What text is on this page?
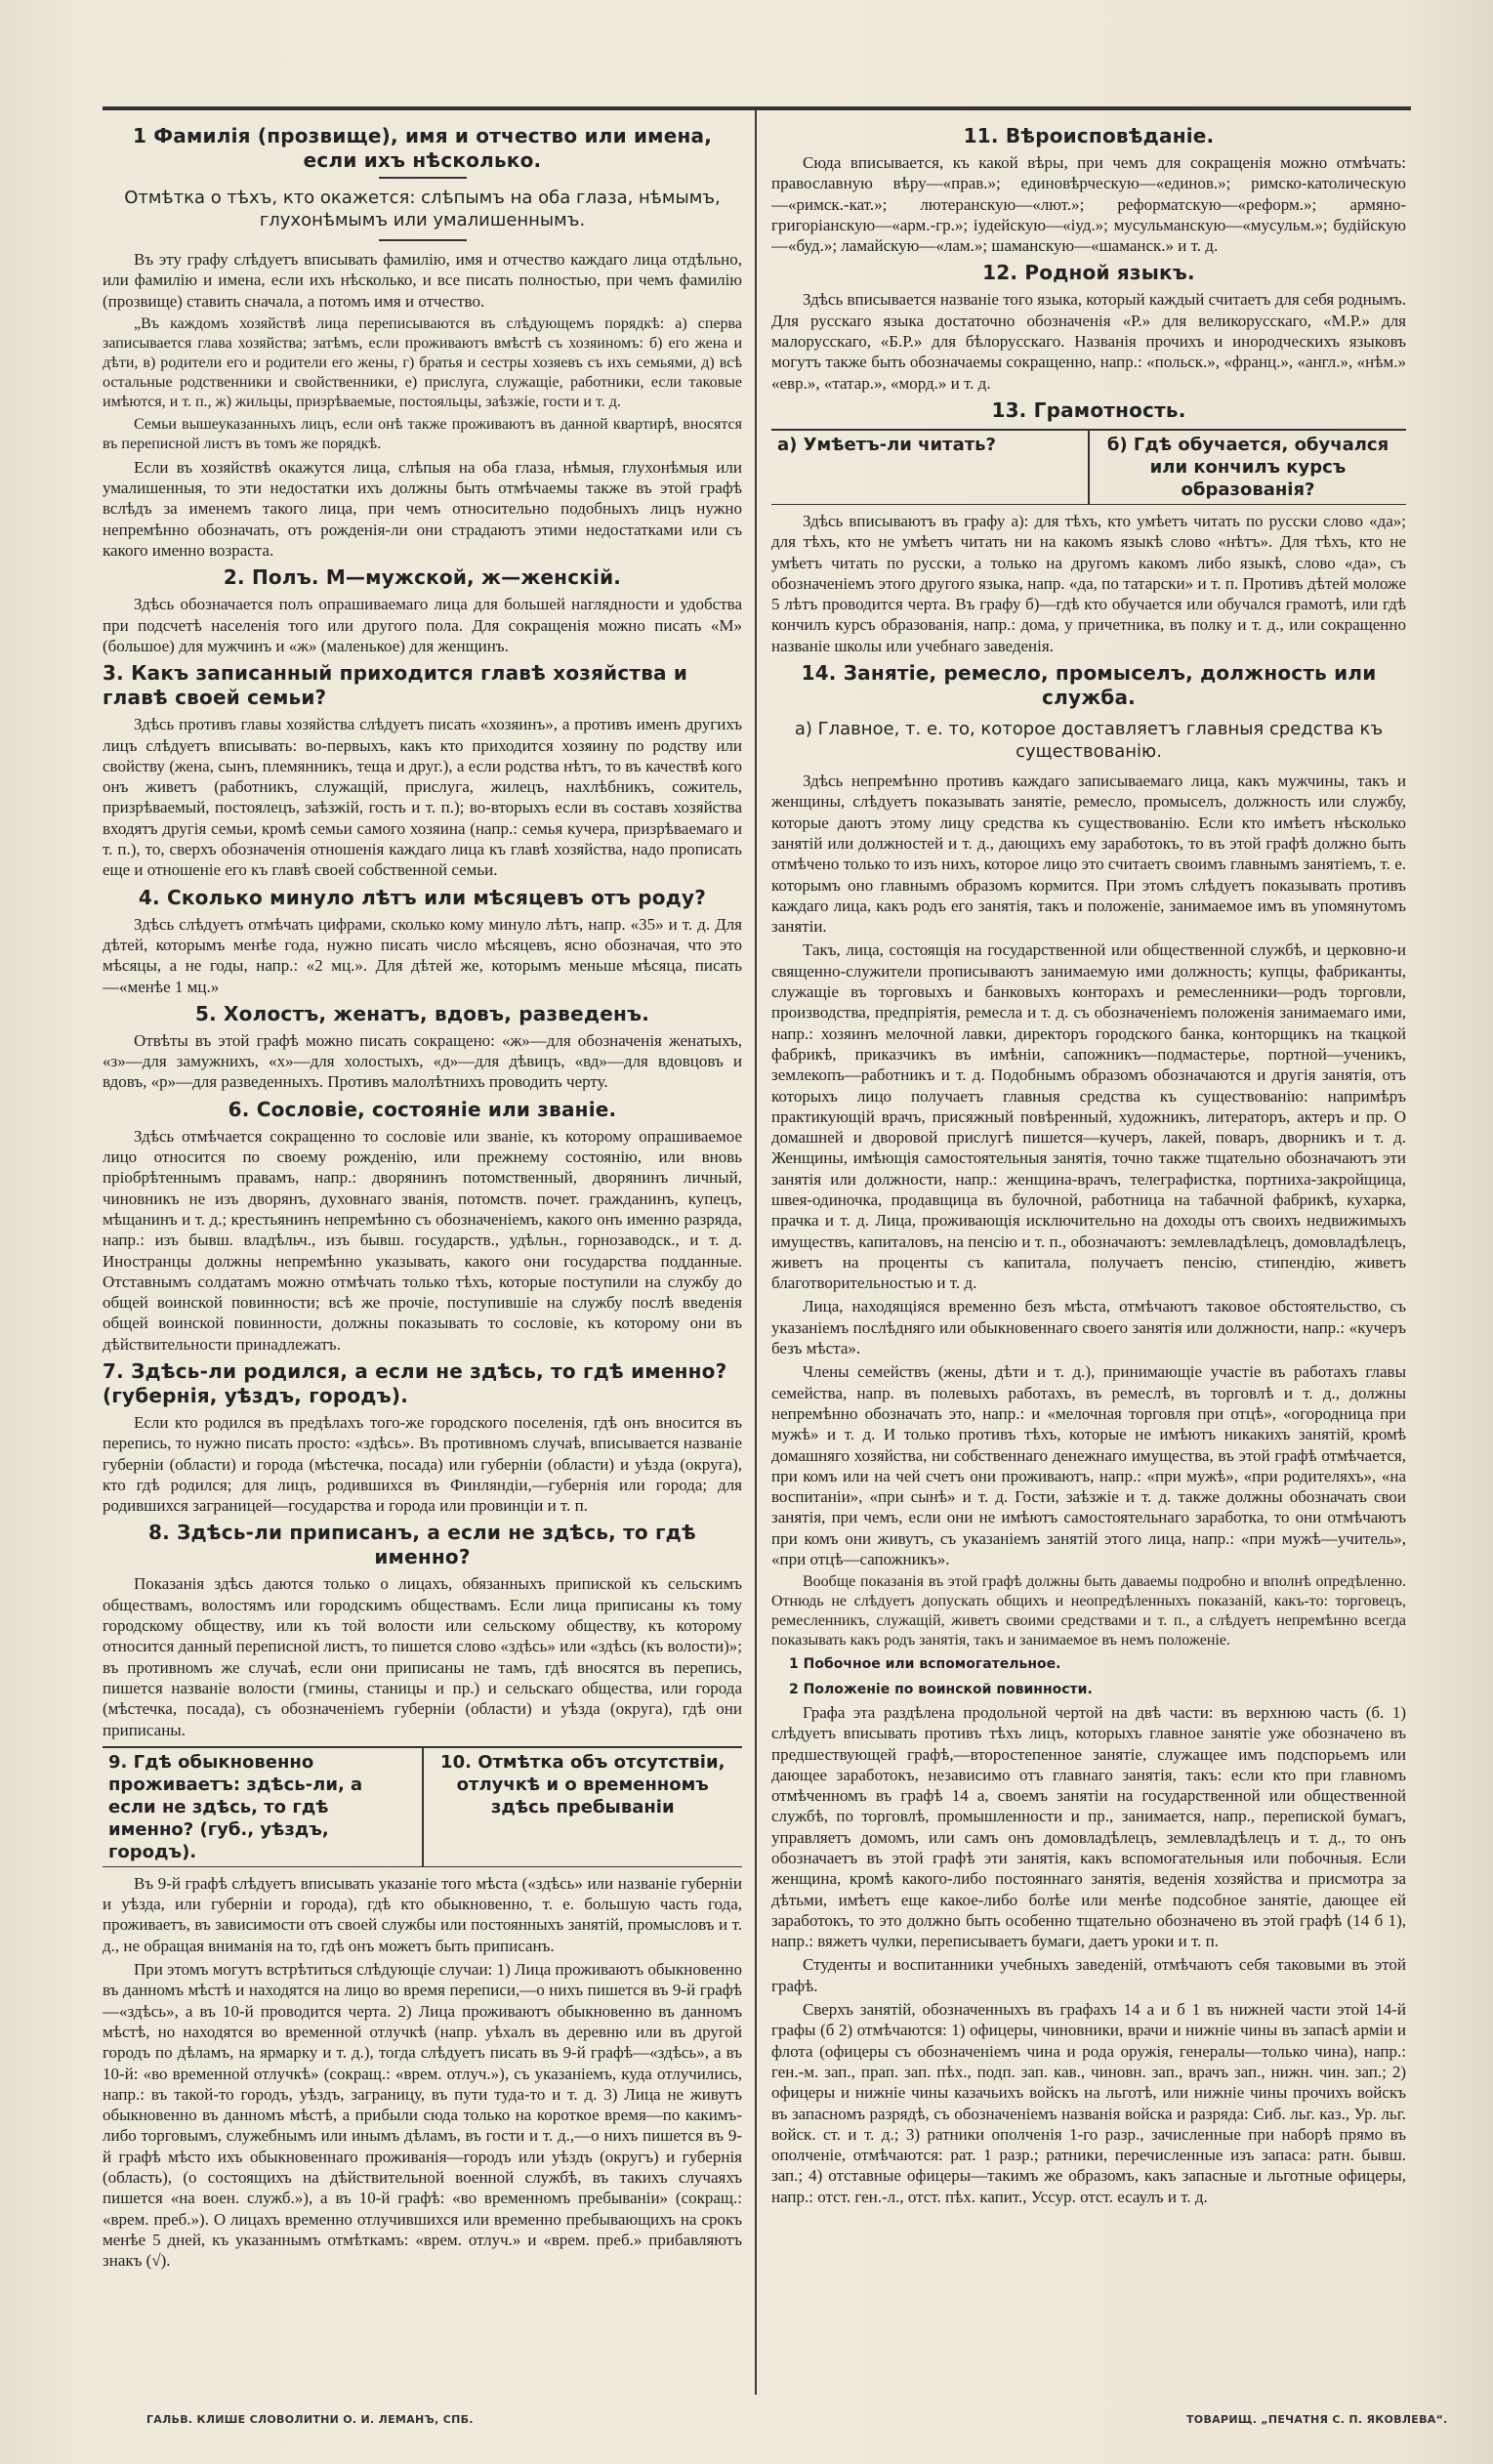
1 Фамилія (прозвище), имя и отчество или имена, если ихъ нѣсколько.
Отмѣтка о тѣхъ, кто окажется: слѣпымъ на оба глаза, нѣмымъ, глухонѣмымъ или умалишеннымъ.

Въ эту графу слѣдуетъ вписывать фамилію, имя и отчество каждаго лица отдѣльно, или фамилію и имена, если ихъ нѣсколько, и все писать полностью, при чемъ фамилію (прозвище) ставить сначала, а потомъ имя и отчество.

„Въ каждомъ хозяйствѣ лица переписываются въ слѣдующемъ порядкѣ: а) сперва записывается глава хозяйства; затѣмъ, если проживаютъ вмѣстѣ съ хозяиномъ: б) его жена и дѣти, в) родители его и родители его жены, г) братья и сестры хозяевъ съ ихъ семьями, д) всѣ остальные родственники и свойственники, е) прислуга, служащіе, работники, если таковые имѣются, и т. п., ж) жильцы, призрѣваемые, постояльцы, заѣзжіе, гости и т. д.

Семьи вышеуказанныхъ лицъ, если онѣ также проживаютъ въ данной квартирѣ, вносятся въ переписной листъ въ томъ же порядкѣ.

Если въ хозяйствѣ окажутся лица, слѣпыя на оба глаза, нѣмыя, глухонѣмыя или умалишенныя, то эти недостатки ихъ должны быть отмѣчаемы также въ этой графѣ вслѣдъ за именемъ такого лица, при чемъ относительно подобныхъ лицъ нужно непремѣнно обозначать, отъ рожденія-ли они страдаютъ этими недостатками или съ какого именно возраста.

2. Полъ. М—мужской, ж—женскій.

Здѣсь обозначается полъ опрашиваемаго лица для большей наглядности и удобства при подсчетѣ населенія того или другого пола. Для сокращенія можно писать «М» (большое) для мужчинъ и «ж» (маленькое) для женщинъ.

3. Какъ записанный приходится главѣ хозяйства и главѣ своей семьи?

Здѣсь противъ главы хозяйства слѣдуетъ писать «хозяинъ», а противъ именъ другихъ лицъ слѣдуетъ вписывать: во-первыхъ, какъ кто приходится хозяину по родству или свойству (жена, сынъ, племянникъ, теща и друг.), а если родства нѣтъ, то въ качествѣ кого онъ живетъ (работникъ, служащій, прислуга, жилецъ, нахлѣбникъ, сожитель, призрѣваемый, постоялецъ, заѣзжій, гость и т. п.); во-вторыхъ если въ составъ хозяйства входятъ другія семьи, кромѣ семьи самого хозяина (напр.: семья кучера, призрѣваемаго и т. п.), то, сверхъ обозначенія отношенія каждаго лица къ главѣ хозяйства, надо прописать еще и отношеніе его къ главѣ своей собственной семьи.

4. Сколько минуло лѣтъ или мѣсяцевъ отъ роду?

Здѣсь слѣдуетъ отмѣчать цифрами, сколько кому минуло лѣтъ, напр. «35» и т. д. Для дѣтей, которымъ менѣе года, нужно писать число мѣсяцевъ, ясно обозначая, что это мѣсяцы, а не годы, напр.: «2 мц.». Для дѣтей же, которымъ меньше мѣсяца, писать—«менѣе 1 мц.»

5. Холостъ, женатъ, вдовъ, разведенъ.

Отвѣты въ этой графѣ можно писать сокращено: «ж»—для обозначенія женатыхъ, «з»—для замужнихъ, «х»—для холостыхъ, «д»—для дѣвицъ, «вд»—для вдовцовъ и вдовъ, «р»—для разведенныхъ. Противъ малолѣтнихъ проводить черту.

6. Сословіе, состояніе или званіе.

Здѣсь отмѣчается сокращенно то сословіе или званіе, къ которому опрашиваемое лицо относится по своему рожденію, или прежнему состоянію, или вновь пріобрѣтеннымъ правамъ, напр.: дворянинъ потомственный, дворянинъ личный, чиновникъ не изъ дворянъ, духовнаго званія, потомств. почет. гражданинъ, купецъ, мѣщанинъ и т. д.; крестьянинъ непремѣнно съ обозначеніемъ, какого онъ именно разряда, напр.: изъ бывш. владѣльч., изъ бывш. государств., удѣльн., горнозаводск., и т. д. Иностранцы должны непремѣнно указывать, какого они государства подданные. Отставнымъ солдатамъ можно отмѣчать только тѣхъ, которые поступили на службу до общей воинской повинности; всѣ же прочіе, поступившіе на службу послѣ введенія общей воинской повинности, должны показывать то сословіе, къ которому они въ дѣйствительности принадлежатъ.

7. Здѣсь-ли родился, а если не здѣсь, то гдѣ именно? (губернія, уѣздъ, городъ).

Если кто родился въ предѣлахъ того-же городского поселенія, гдѣ онъ вносится въ перепись, то нужно писать просто: «здѣсь». Въ противномъ случаѣ, вписывается названіе губерніи (области) и города (мѣстечка, посада) или губерніи (области) и уѣзда (округа), кто гдѣ родился; для лицъ, родившихся въ Финляндіи,—губернія или города; для родившихся заграницей—государства и города или провинціи и т. п.

8. Здѣсь-ли приписанъ, а если не здѣсь, то гдѣ именно?

Показанія здѣсь даются только о лицахъ, обязанныхъ припиской къ сельскимъ обществамъ, волостямъ или городскимъ обществамъ. Если лица приписаны къ тому городскому обществу, или къ той волости или сельскому обществу, къ которому относится данный переписной листъ, то пишется слово «здѣсь» или «здѣсь (къ волости)»; въ противномъ же случаѣ, если они приписаны не тамъ, гдѣ вносятся въ перепись, пишется названіе волости (гмины, станицы и пр.) и сельскаго общества, или города (мѣстечка, посада), съ обозначеніемъ губерніи (области) и уѣзда (округа), гдѣ они приписаны.

9. Гдѣ обыкновенно проживаетъ: здѣсь-ли, а если не здѣсь, то гдѣ именно? (губ., уѣздъ, городъ).
10. Отмѣтка объ отсутствіи, отлучкѣ и о временномъ здѣсь пребываніи

Въ 9-й графѣ слѣдуетъ вписывать указаніе того мѣста («здѣсь» или названіе губерніи и уѣзда, или губерніи и города), гдѣ кто обыкновенно, т. е. большую часть года, проживаетъ, въ зависимости отъ своей службы или постоянныхъ занятій, промысловъ и т. д., не обращая вниманія на то, гдѣ онъ можетъ быть приписанъ.

При этомъ могутъ встрѣтиться слѣдующіе случаи: 1) Лица проживаютъ обыкновенно въ данномъ мѣстѣ и находятся на лицо во время переписи,—о нихъ пишется въ 9-й графѣ—«здѣсь», а въ 10-й проводится черта. 2) Лица проживаютъ обыкновенно въ данномъ мѣстѣ, но находятся во временной отлучкѣ (напр. уѣхалъ въ деревню или въ другой городъ по дѣламъ, на ярмарку и т. д.), тогда слѣдуетъ писать въ 9-й графѣ—«здѣсь», а въ 10-й: «во временной отлучкѣ» (сокращ.: «врем. отлуч.»), съ указаніемъ, куда отлучились, напр.: въ такой-то городъ, уѣздъ, заграницу, въ пути туда-то и т. д. 3) Лица не живутъ обыкновенно въ данномъ мѣстѣ, а прибыли сюда только на короткое время—по какимъ-либо торговымъ, служебнымъ или инымъ дѣламъ, въ гости и т. д.,—о нихъ пишется въ 9-й графѣ мѣсто ихъ обыкновеннаго проживанія—городъ или уѣздъ (округъ) и губернія (область), (о состоящихъ на дѣйствительной военной службѣ, въ такихъ случаяхъ пишется «на воен. служб.»), а въ 10-й графѣ: «во временномъ пребываніи» (сокращ.: «врем. преб.»). О лицахъ временно отлучившихся или временно пребывающихъ на срокъ менѣе 5 дней, къ указаннымъ отмѣткамъ: «врем. отлуч.» и «врем. преб.» прибавляютъ знакъ (√).

11. Вѣроисповѣданіе.

Сюда вписывается, къ какой вѣры, при чемъ для сокращенія можно отмѣчать: православную вѣру—«прав.»; единовѣрческую—«единов.»; римско-католическую—«римск.-кат.»; лютеранскую—«лют.»; реформатскую—«реформ.»; армяно-григоріанскую—«арм.-гр.»; іудейскую—«іуд.»; мусульманскую—«мусульм.»; будійскую—«буд.»; ламайскую—«лам.»; шаманскую—«шаманск.» и т. д.

12. Родной языкъ.

Здѣсь вписывается названіе того языка, который каждый считаетъ для себя роднымъ. Для русскаго языка достаточно обозначенія «Р.» для великорусскаго, «М.Р.» для малорусскаго, «Б.Р.» для бѣлорусскаго. Названія прочихъ и инородческихъ языковъ могутъ также быть обозначаемы сокращенно, напр.: «польск.», «франц.», «англ.», «нѣм.» «евр.», «татар.», «морд.» и т. д.

13. Грамотность.
а) Умѣетъ-ли читать?	б) Гдѣ обучается, обучался или кончилъ курсъ образованія?

Здѣсь вписываютъ въ графу а): для тѣхъ, кто умѣетъ читать по русски слово «да»; для тѣхъ, кто не умѣетъ читать ни на какомъ языкѣ слово «нѣтъ». Для тѣхъ, кто не умѣетъ читать по русски, а только на другомъ какомъ либо языкѣ, слово «да», съ обозначеніемъ этого другого языка, напр. «да, по татарски» и т. п. Противъ дѣтей моложе 5 лѣтъ проводится черта. Въ графу б)—гдѣ кто обучается или обучался грамотѣ, или гдѣ кончилъ курсъ образованія, напр.: дома, у причетника, въ полку и т. д., или сокращенно названіе школы или учебнаго заведенія.

14. Занятіе, ремесло, промыселъ, должность или служба.
а) Главное, т. е. то, которое доставляетъ главныя средства къ существованію.

Здѣсь непремѣнно противъ каждаго записываемаго лица, какъ мужчины, такъ и женщины, слѣдуетъ показывать занятіе, ремесло, промыселъ, должность или службу, которые даютъ этому лицу средства къ существованію. Если кто имѣетъ нѣсколько занятій или должностей и т. д., дающихъ ему заработокъ, то въ этой графѣ должно быть отмѣчено только то изъ нихъ, которое лицо это считаетъ своимъ главнымъ занятіемъ, т. е. которымъ оно главнымъ образомъ кормится. При этомъ слѣдуетъ показывать противъ каждаго лица, какъ родъ его занятія, такъ и положеніе, занимаемое имъ въ упомянутомъ занятіи.

Такъ, лица, состоящія на государственной или общественной службѣ, и церковно-и священно-служители прописываютъ занимаемую ими должность; купцы, фабриканты, служащіе въ торговыхъ и банковыхъ конторахъ и ремесленники—родъ торговли, производства, предпріятія, ремесла и т. д. съ обозначеніемъ положенія занимаемаго ими, напр.: хозяинъ мелочной лавки, директоръ городского банка, конторщикъ на ткацкой фабрикѣ, приказчикъ въ имѣніи, сапожникъ—подмастерье, портной—ученикъ, землекопъ—работникъ и т. д. Подобнымъ образомъ обозначаются и другія занятія, отъ которыхъ лицо получаетъ главныя средства къ существованію: напримѣръ практикующій врачъ, присяжный повѣренный, художникъ, литераторъ, актеръ и пр. О домашней и дворовой прислугѣ пишется—кучеръ, лакей, поваръ, дворникъ и т. д. Женщины, имѣющія самостоятельныя занятія, точно также тщательно обозначаютъ эти занятія или должности, напр.: женщина-врачъ, телеграфистка, портниха-закройщица, швея-одиночка, продавщица въ булочной, работница на табачной фабрикѣ, кухарка, прачка и т. д. Лица, проживающія исключительно на доходы отъ своихъ недвижимыхъ имуществъ, капиталовъ, на пенсію и т. п., обозначаютъ: землевладѣлецъ, домовладѣлецъ, живетъ на проценты съ капитала, получаетъ пенсію, стипендію, живетъ благотворительностью и т. д.

Лица, находящіяся временно безъ мѣста, отмѣчаютъ таковое обстоятельство, съ указаніемъ послѣдняго или обыкновеннаго своего занятія или должности, напр.: «кучеръ безъ мѣста».

Члены семействъ (жены, дѣти и т. д.), принимающіе участіе въ работахъ главы семейства, напр. въ полевыхъ работахъ, въ ремеслѣ, въ торговлѣ и т. д., должны непремѣнно обозначать это, напр.: и «мелочная торговля при отцѣ», «огородница при мужѣ» и т. д. И только противъ тѣхъ, которые не имѣютъ никакихъ занятій, кромѣ домашняго хозяйства, ни собственнаго денежнаго имущества, въ этой графѣ отмѣчается, при комъ или на чей счетъ они проживаютъ, напр.: «при мужѣ», «при родителяхъ», «на воспитаніи», «при сынѣ» и т. д. Гости, заѣзжіе и т. д. также должны обозначать свои занятія, при чемъ, если они не имѣютъ самостоятельнаго заработка, то они отмѣчаютъ при комъ они живутъ, съ указаніемъ занятій этого лица, напр.: «при мужѣ—учитель», «при отцѣ—сапожникъ».

Вообще показанія въ этой графѣ должны быть даваемы подробно и вполнѣ опредѣленно. Отнюдь не слѣдуетъ допускать общихъ и неопредѣленныхъ показаній, какъ-то: торговецъ, ремесленникъ, служащій, живетъ своими средствами и т. п., а слѣдуетъ непремѣнно всегда показывать какъ родъ занятія, такъ и занимаемое въ немъ положеніе.

1 Побочное или вспомогательное.
2 Положеніе по воинской повинности.

Графа эта раздѣлена продольной чертой на двѣ части: въ верхнюю часть (б. 1) слѣдуетъ вписывать противъ тѣхъ лицъ, которыхъ главное занятіе уже обозначено въ предшествующей графѣ,—второстепенное занятіе, служащее имъ подспорьемъ или дающее заработокъ, независимо отъ главнаго занятія, такъ: если кто при главномъ отмѣченномъ въ графѣ 14 а, своемъ занятіи на государственной или общественной службѣ, по торговлѣ, промышленности и пр., занимается, напр., перепиской бумагъ, управляетъ домомъ, или самъ онъ домовладѣлецъ, землевладѣлецъ и т. д., то онъ обозначаетъ въ этой графѣ эти занятія, какъ вспомогательныя или побочныя. Если женщина, кромѣ какого-либо постояннаго занятія, веденія хозяйства и присмотра за дѣтьми, имѣетъ еще какое-либо болѣе или менѣе подсобное занятіе, дающее ей заработокъ, то это должно быть особенно тщательно обозначено въ этой графѣ (14 б 1), напр.: вяжетъ чулки, переписываетъ бумаги, даетъ уроки и т. п.

Студенты и воспитанники учебныхъ заведеній, отмѣчаютъ себя таковыми въ этой графѣ.

Сверхъ занятій, обозначенныхъ въ графахъ 14 а и б 1 въ нижней части этой 14-й графы (б 2) отмѣчаются: 1) офицеры, чиновники, врачи и нижніе чины въ запасѣ арміи и флота (офицеры съ обозначеніемъ чина и рода оружія, генералы—только чина), напр.: ген.-м. зап., прап. зап. пѣх., подп. зап. кав., чиновн. зап., врачъ зап., нижн. чин. зап.; 2) офицеры и нижніе чины казачьихъ войскъ на льготѣ, или нижніе чины прочихъ войскъ въ запасномъ разрядѣ, съ обозначеніемъ названія войска и разряда: Сиб. льг. каз., Ур. льг. войск. ст. и т. д.; 3) ратники ополченія 1-го разр., зачисленные при наборѣ прямо въ ополченіе, отмѣчаются: рат. 1 разр.; ратники, перечисленные изъ запаса: ратн. бывш. зап.; 4) отставные офицеры—такимъ же образомъ, какъ запасные и льготные офицеры, напр.: отст. ген.-л., отст. пѣх. капит., Уссур. отст. есаулъ и т. д.

ГАЛЬВ. КЛИШЕ СЛОВОЛИТНИ О. И. ЛЕМАНЪ, СПБ.	ТОВАРИЩ. „ПЕЧАТНЯ С. П. ЯКОВЛЕВА“.
